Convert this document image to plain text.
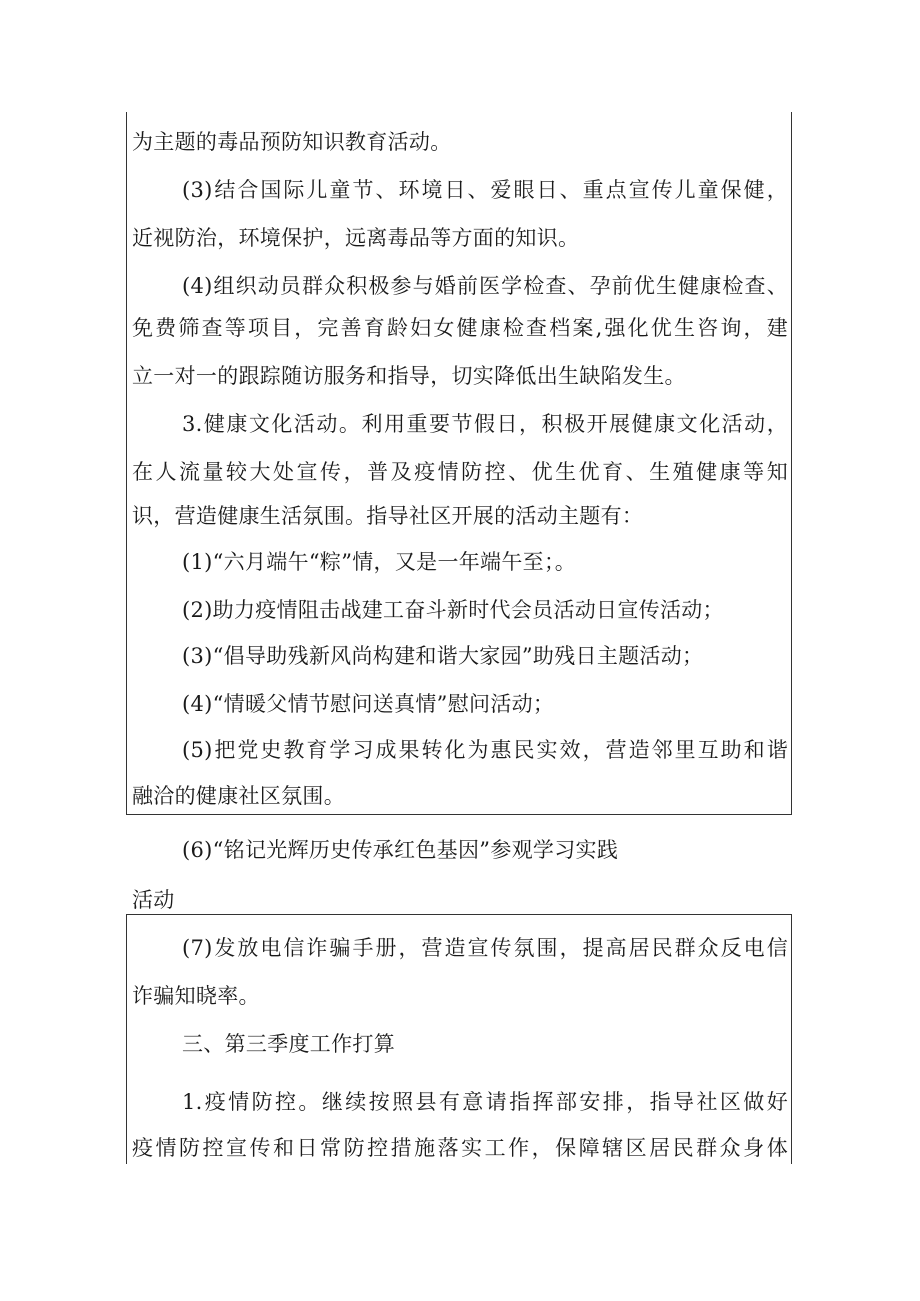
为主题的毒品预防知识教育活动。
(3)结合国际儿童节、环境日、爱眼日、重点宣传儿童保健，
近视防治，环境保护，远离毒品等方面的知识。
(4)组织动员群众积极参与婚前医学检查、孕前优生健康检查、
免费筛查等项目，完善育龄妇女健康检查档案,强化优生咨询，建
立一对一的跟踪随访服务和指导，切实降低出生缺陷发生。
3.健康文化活动。利用重要节假日，积极开展健康文化活动，
在人流量较大处宣传，普及疫情防控、优生优育、生殖健康等知
识，营造健康生活氛围。指导社区开展的活动主题有：
(1)“六月端午“粽”情，又是一年端午至；。
(2)助力疫情阻击战建工奋斗新时代会员活动日宣传活动；
(3)“倡导助残新风尚构建和谐大家园”助残日主题活动；
(4)“情暖父情节慰问送真情”慰问活动；
(5)把党史教育学习成果转化为惠民实效，营造邻里互助和谐
融洽的健康社区氛围。
(6)“铭记光辉历史传承红色基因”参观学习实践
活动
(7)发放电信诈骗手册，营造宣传氛围，提高居民群众反电信
诈骗知晓率。
三、第三季度工作打算
1.疫情防控。继续按照县有意请指挥部安排，指导社区做好
疫情防控宣传和日常防控措施落实工作，保障辖区居民群众身体
